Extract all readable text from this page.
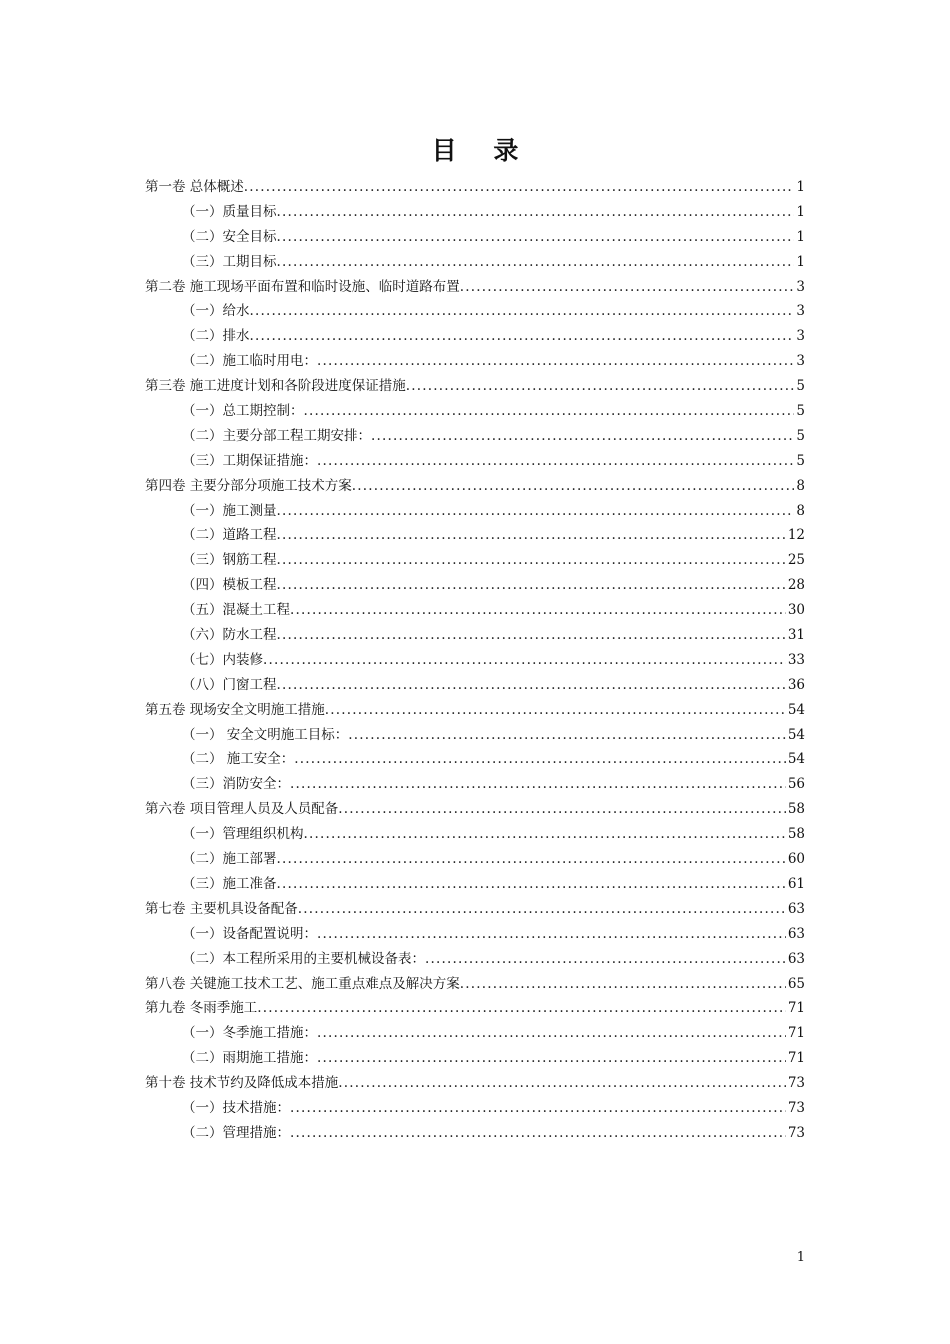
目 录
第一卷 总体概述 .....	1
（一）质量目标 .....	1
（二）安全目标 .....	1
（三）工期目标 .....	1
第二卷 施工现场平面布置和临时设施、临时道路布置 .....	3
（一）给水 .....	3
（二）排水 .....	3
（二）施工临时用电： .....	3
第三卷 施工进度计划和各阶段进度保证措施 .....	5
（一）总工期控制： .....	5
（二）主要分部工程工期安排： .....	5
（三）工期保证措施： .....	5
第四卷 主要分部分项施工技术方案 .....	8
（一）施工测量 .....	8
（二）道路工程 .....	12
（三）钢筋工程 .....	25
（四）模板工程 .....	28
（五）混凝土工程 .....	30
（六）防水工程 .....	31
（七）内装修 .....	33
（八）门窗工程 .....	36
第五卷 现场安全文明施工措施 .....	54
（一） 安全文明施工目标： .....	54
（二） 施工安全： .....	54
（三）消防安全： .....	56
第六卷 项目管理人员及人员配备 .....	58
（一）管理组织机构 .....	58
（二）施工部署 .....	60
（三）施工准备 .....	61
第七卷 主要机具设备配备 .....	63
（一）设备配置说明： .....	63
（二）本工程所采用的主要机械设备表： .....	63
第八卷 关键施工技术工艺、施工重点难点及解决方案 .....	65
第九卷 冬雨季施工 .....	71
（一）冬季施工措施： .....	71
（二）雨期施工措施： .....	71
第十卷 技术节约及降低成本措施 .....	73
（一）技术措施： .....	73
（二）管理措施： .....	73
1
